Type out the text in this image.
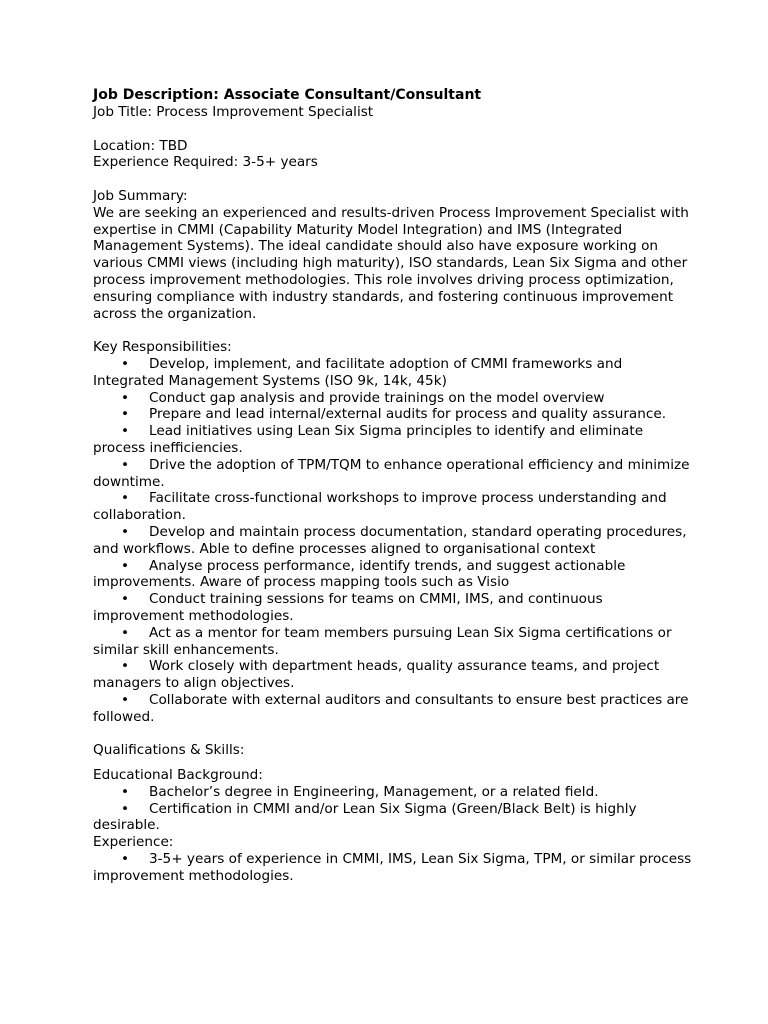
Job Description: Associate Consultant/Consultant

Job Title: Process Improvement Specialist

Location: TBD

Experience Required: 3-5+ years

Job Summary:

We are seeking an experienced and results-driven Process Improvement Specialist with expertise in CMMI (Capability Maturity Model Integration) and IMS (Integrated Management Systems). The ideal candidate should also have exposure working on various CMMI views (including high maturity), ISO standards, Lean Six Sigma and other process improvement methodologies. This role involves driving process optimization, ensuring compliance with industry standards, and fostering continuous improvement across the organization.

Key Responsibilities:

•Develop, implement, and facilitate adoption of CMMI frameworks and Integrated Management Systems (ISO 9k, 14k, 45k)
•Conduct gap analysis and provide trainings on the model overview
•Prepare and lead internal/external audits for process and quality assurance.
•Lead initiatives using Lean Six Sigma principles to identify and eliminate process inefficiencies.
•Drive the adoption of TPM/TQM to enhance operational efficiency and minimize downtime.
•Facilitate cross-functional workshops to improve process understanding and collaboration.
•Develop and maintain process documentation, standard operating procedures, and workflows. Able to define processes aligned to organisational context
•Analyse process performance, identify trends, and suggest actionable improvements. Aware of process mapping tools such as Visio
•Conduct training sessions for teams on CMMI, IMS, and continuous improvement methodologies.
•Act as a mentor for team members pursuing Lean Six Sigma certifications or similar skill enhancements.
•Work closely with department heads, quality assurance teams, and project managers to align objectives.
•Collaborate with external auditors and consultants to ensure best practices are followed.

Qualifications & Skills:

Educational Background:

•Bachelor’s degree in Engineering, Management, or a related field.
•Certification in CMMI and/or Lean Six Sigma (Green/Black Belt) is highly desirable.

Experience:

•3-5+ years of experience in CMMI, IMS, Lean Six Sigma, TPM, or similar process improvement methodologies.
